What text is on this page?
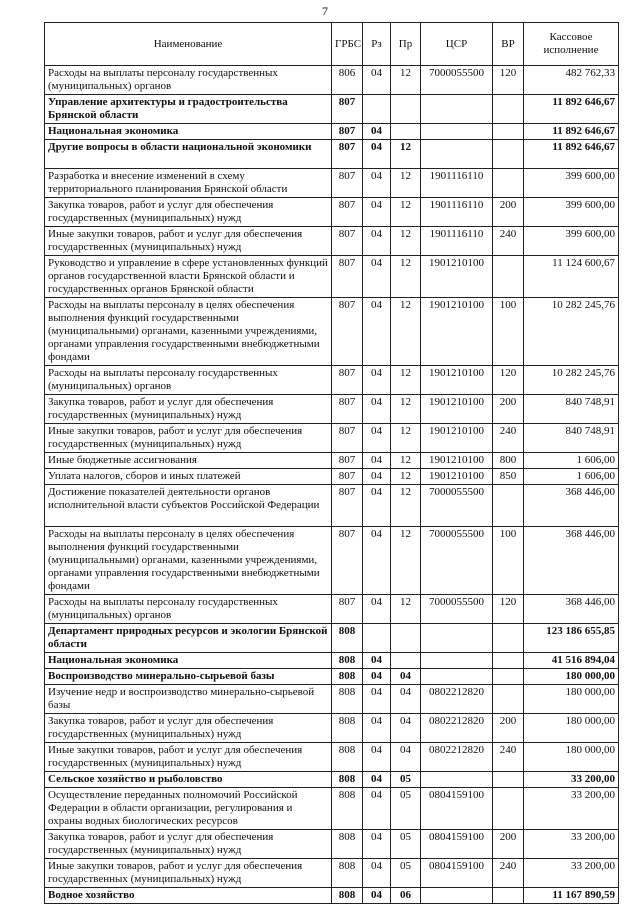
7
Наименование	ГРБС	Рз	Пр	ЦСР	ВР	Кассовое исполнение
Расходы на выплаты персоналу государственных (муниципальных) органов	806	04	12	7000055500	120	482 762,33
Управление архитектуры и градостроительства Брянской области	807					11 892 646,67
Национальная экономика	807	04				11 892 646,67
Другие вопросы в области национальной экономики	807	04	12			11 892 646,67
Разработка и внесение изменений в схему территориального планирования Брянской области	807	04	12	1901116110		399 600,00
Закупка товаров, работ и услуг для обеспечения государственных (муниципальных) нужд	807	04	12	1901116110	200	399 600,00
Иные закупки товаров, работ и услуг для обеспечения государственных (муниципальных) нужд	807	04	12	1901116110	240	399 600,00
Руководство и управление в сфере установленных функций органов государственной власти Брянской области и государственных органов Брянской области	807	04	12	1901210100		11 124 600,67
Расходы на выплаты персоналу в целях обеспечения выполнения функций государственными (муниципальными) органами, казенными учреждениями, органами управления государственными внебюджетными фондами	807	04	12	1901210100	100	10 282 245,76
Расходы на выплаты персоналу государственных (муниципальных) органов	807	04	12	1901210100	120	10 282 245,76
Закупка товаров, работ и услуг для обеспечения государственных (муниципальных) нужд	807	04	12	1901210100	200	840 748,91
Иные закупки товаров, работ и услуг для обеспечения государственных (муниципальных) нужд	807	04	12	1901210100	240	840 748,91
Иные бюджетные ассигнования	807	04	12	1901210100	800	1 606,00
Уплата налогов, сборов и иных платежей	807	04	12	1901210100	850	1 606,00
Достижение показателей деятельности органов исполнительной власти субъектов Российской Федерации	807	04	12	7000055500		368 446,00
Расходы на выплаты персоналу в целях обеспечения выполнения функций государственными (муниципальными) органами, казенными учреждениями, органами управления государственными внебюджетными фондами	807	04	12	7000055500	100	368 446,00
Расходы на выплаты персоналу государственных (муниципальных) органов	807	04	12	7000055500	120	368 446,00
Департамент природных ресурсов и экологии Брянской области	808					123 186 655,85
Национальная экономика	808	04				41 516 894,04
Воспроизводство минерально-сырьевой базы	808	04	04			180 000,00
Изучение недр и воспроизводство минерально-сырьевой базы	808	04	04	0802212820		180 000,00
Закупка товаров, работ и услуг для обеспечения государственных (муниципальных) нужд	808	04	04	0802212820	200	180 000,00
Иные закупки товаров, работ и услуг для обеспечения государственных (муниципальных) нужд	808	04	04	0802212820	240	180 000,00
Сельское хозяйство и рыболовство	808	04	05			33 200,00
Осуществление переданных полномочий Российской Федерации в области организации, регулирования и охраны водных биологических ресурсов	808	04	05	0804159100		33 200,00
Закупка товаров, работ и услуг для обеспечения государственных (муниципальных) нужд	808	04	05	0804159100	200	33 200,00
Иные закупки товаров, работ и услуг для обеспечения государственных (муниципальных) нужд	808	04	05	0804159100	240	33 200,00
Водное хозяйство	808	04	06			11 167 890,59
